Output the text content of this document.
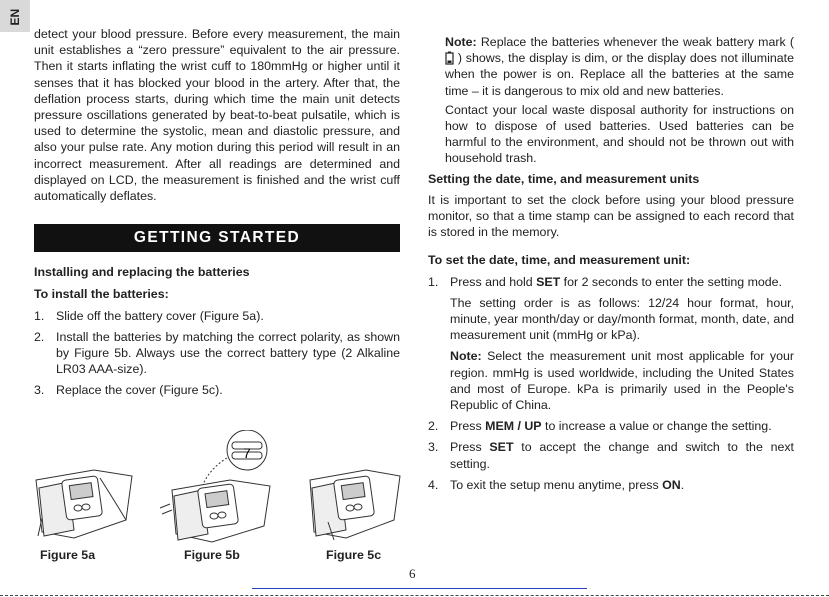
EN

detect your blood pressure. Before every measurement, the main unit establishes a “zero pressure” equivalent to the air pressure. Then it starts inflating the wrist cuff to 180mmHg or higher until it senses that it has blocked your blood in the artery. After that, the deflation process starts, during which time the main unit detects pressure oscillations generated by beat-to-beat pulsatile, which is used to determine the systolic, mean and diastolic pressure, and also your pulse rate. Any motion during this period will result in an incorrect measurement. After all readings are determined and displayed on LCD, the measurement is finished and the wrist cuff automatically deflates.

GETTING STARTED
Installing and replacing the batteries
To install the batteries:
1. Slide off the battery cover (Figure 5a).
2. Install the batteries by matching the correct polarity, as shown by Figure 5b. Always use the correct battery type (2 Alkaline LR03 AAA-size).
3. Replace the cover (Figure 5c).
7
Figure 5a	Figure 5b	Figure 5c

Note: Replace the batteries whenever the weak battery mark (  ) shows, the display is dim, or the display does not illuminate when the power is on. Replace all the batteries at the same time – it is dangerous to mix old and new batteries.

Contact your local waste disposal authority for instructions on how to dispose of used batteries. Used batteries can be harmful to the environment, and should not be thrown out with household trash.

Setting the date, time, and measurement units

It is important to set the clock before using your blood pressure monitor, so that a time stamp can be assigned to each record that is stored in the memory.

To set the date, time, and measurement unit:
1. Press and hold SET for 2 seconds to enter the setting mode.

The setting order is as follows: 12/24 hour format, hour, minute, year month/day or day/month format, month, date, and measurement unit (mmHg or kPa).

Note: Select the measurement unit most applicable for your region. mmHg is used worldwide, including the United States and most of Europe. kPa is primarily used in the People's Republic of China.

2. Press MEM / UP to increase a value or change the setting.
3. Press SET to accept the change and switch to the next setting.
4. To exit the setup menu anytime, press ON.
6
